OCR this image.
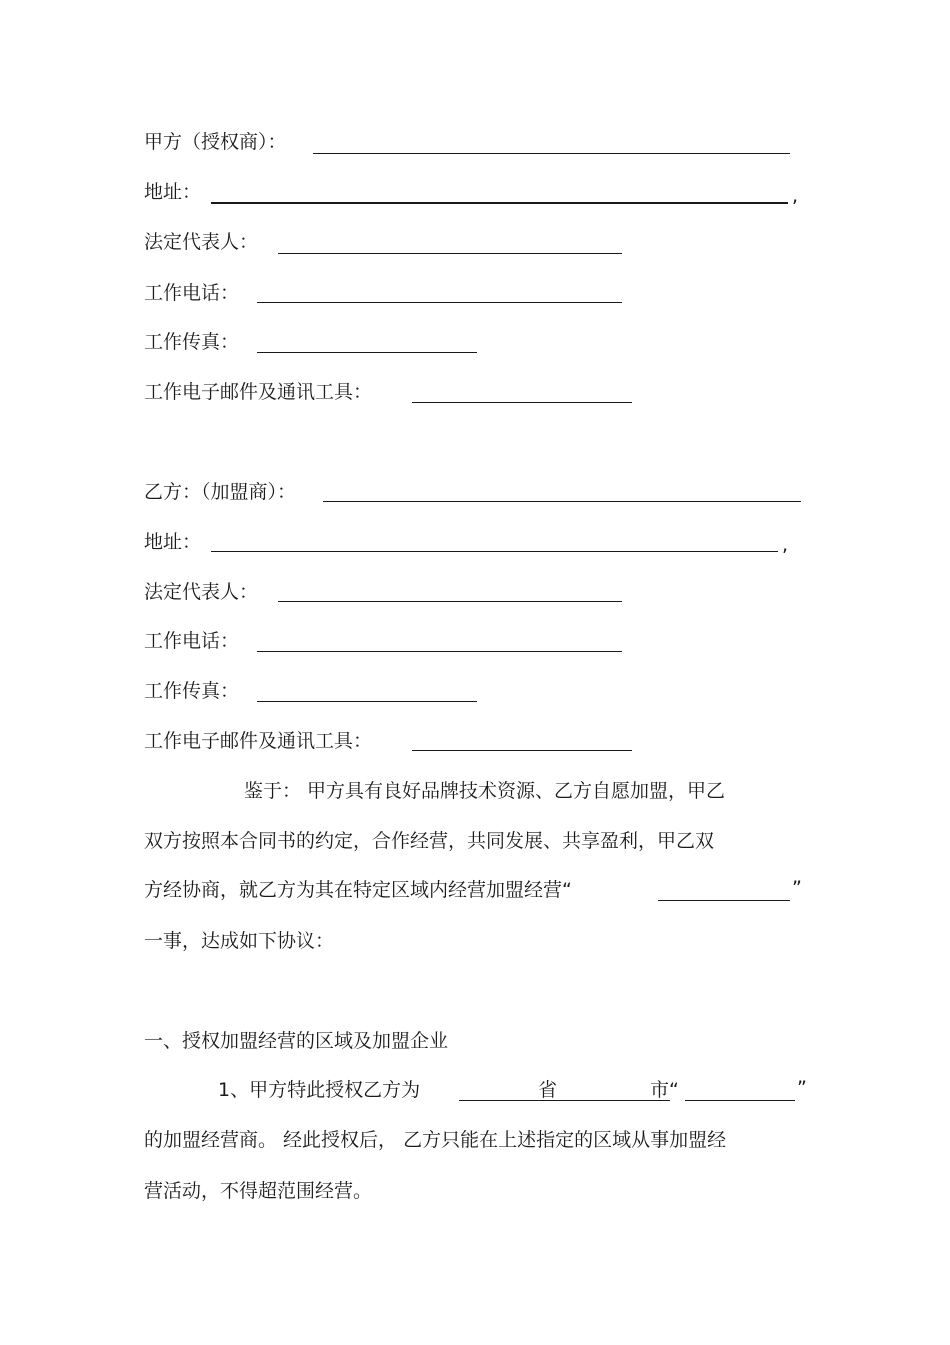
甲方（授权商）：
地址：	,
法定代表人：
工作电话：
工作传真：
工作电子邮件及通讯工具：
乙方：（加盟商）：
地址：	,
法定代表人：
工作电话：
工作传真：
工作电子邮件及通讯工具：
鉴于： 甲方具有良好品牌技术资源、乙方自愿加盟，甲乙
双方按照本合同书的约定，合作经营，共同发展、共享盈利，甲乙双
方经协商，就乙方为其在特定区域内经营加盟经营“	”
一事，达成如下协议：
一、授权加盟经营的区域及加盟企业
1、甲方特此授权乙方为	省	市“	”
的加盟经营商。 经此授权后， 乙方只能在上述指定的区域从事加盟经
营活动，不得超范围经营。
